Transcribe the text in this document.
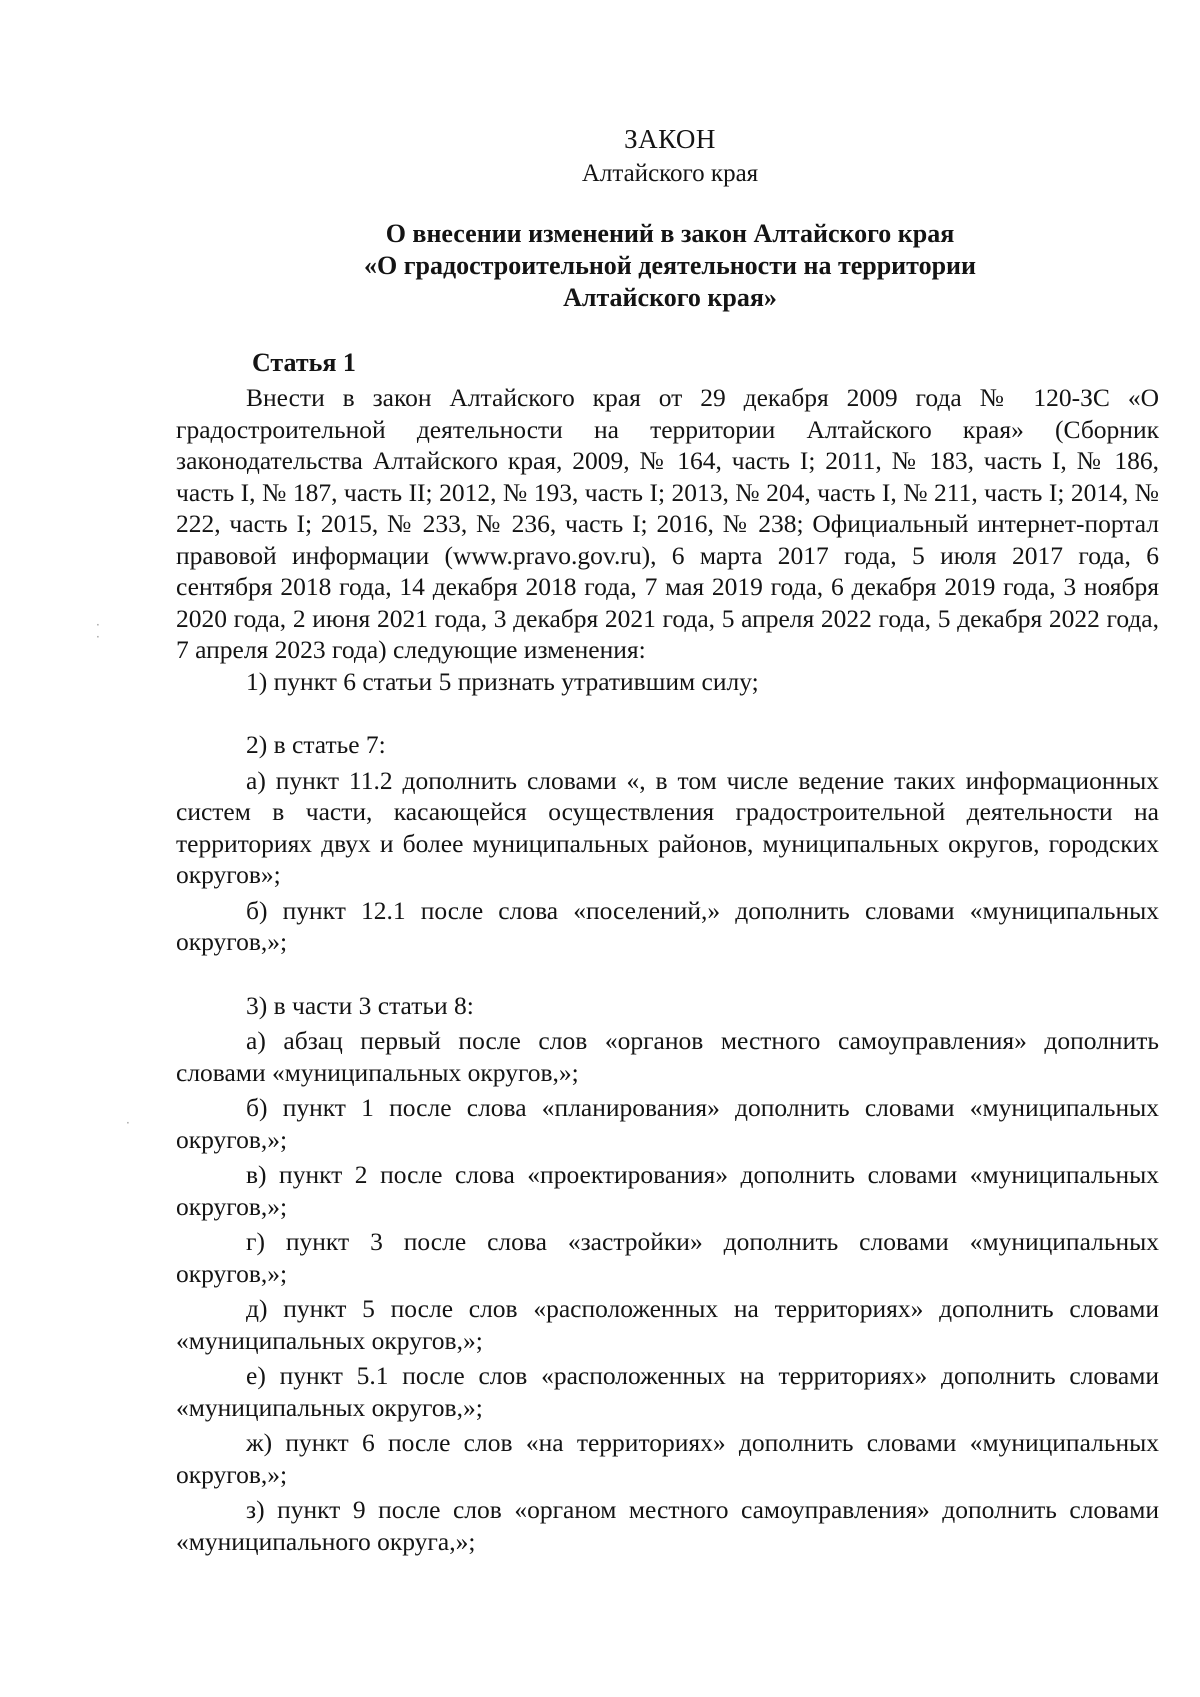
ЗАКОН
Алтайского края
О внесении изменений в закон Алтайского края
«О градостроительной деятельности на территории
Алтайского края»
Статья 1

Внести в закон Алтайского края от 29 декабря 2009 года № 120-ЗС «О градостроительной деятельности на территории Алтайского края» (Сборник законодательства Алтайского края, 2009, № 164, часть I; 2011, № 183, часть I, № 186, часть I, № 187, часть II; 2012, № 193, часть I; 2013, № 204, часть I, № 211, часть I; 2014, № 222, часть I; 2015, № 233, № 236, часть I; 2016, № 238; Официальный интернет-портал правовой информации (www.pravo.gov.ru), 6 марта 2017 года, 5 июля 2017 года, 6 сентября 2018 года, 14 декабря 2018 года, 7 мая 2019 года, 6 декабря 2019 года, 3 ноября 2020 года, 2 июня 2021 года, 3 декабря 2021 года, 5 апреля 2022 года, 5 декабря 2022 года, 7 апреля 2023 года) следующие изменения:

1) пункт 6 статьи 5 признать утратившим силу;

2) в статье 7:

а) пункт 11.2 дополнить словами «, в том числе ведение таких информационных систем в части, касающейся осуществления градостроительной деятельности на территориях двух и более муниципальных районов, муниципальных округов, городских округов»;

б) пункт 12.1 после слова «поселений,» дополнить словами «муниципальных округов,»;

3) в части 3 статьи 8:

а) абзац первый после слов «органов местного самоуправления» дополнить словами «муниципальных округов,»;

б) пункт 1 после слова «планирования» дополнить словами «муниципальных округов,»;

в) пункт 2 после слова «проектирования» дополнить словами «муниципальных округов,»;

г) пункт 3 после слова «застройки» дополнить словами «муниципальных округов,»;

д) пункт 5 после слов «расположенных на территориях» дополнить словами «муниципальных округов,»;

е) пункт 5.1 после слов «расположенных на территориях» дополнить словами «муниципальных округов,»;

ж) пункт 6 после слов «на территориях» дополнить словами «муниципальных округов,»;

з) пункт 9 после слов «органом местного самоуправления» дополнить словами «муниципального округа,»;

·
·
·
